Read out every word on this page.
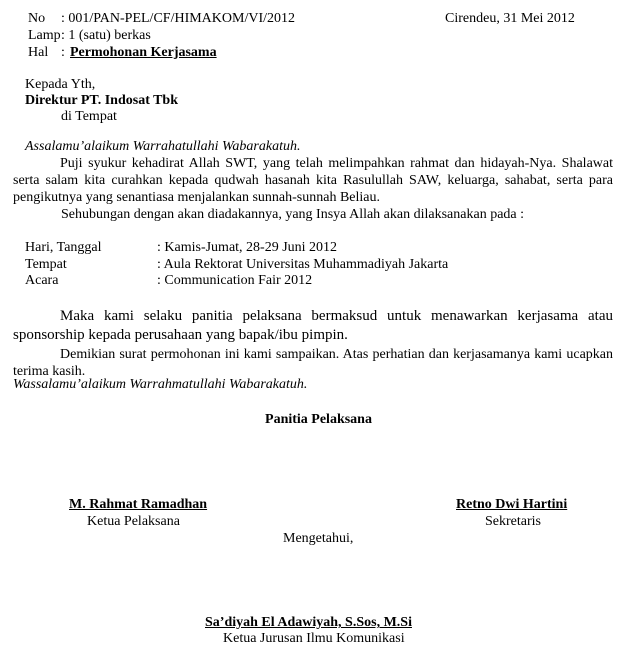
No : 001/PAN-PEL/CF/HIMAKOM/VI/2012	Cirendeu, 31 Mei 2012
Lamp : 1 (satu) berkas
Hal : Permohonan Kerjasama
Kepada Yth,
Direktur PT. Indosat Tbk
di Tempat
Assalamu’alaikum Warrahatullahi Wabarakatuh.

Puji syukur kehadirat Allah SWT, yang telah melimpahkan rahmat dan hidayah-Nya. Shalawat serta salam kita curahkan kepada qudwah hasanah kita Rasulullah SAW, keluarga, sahabat, serta para pengikutnya yang senantiasa menjalankan sunnah-sunnah Beliau.

Sehubungan dengan akan diadakannya, yang Insya Allah akan dilaksanakan pada :
Hari, Tanggal	: Kamis-Jumat, 28-29 Juni 2012
Tempat	: Aula Rektorat Universitas Muhammadiyah Jakarta
Acara	: Communication Fair 2012

Maka kami selaku panitia pelaksana bermaksud untuk menawarkan kerjasama atau sponsorship kepada perusahaan yang bapak/ibu pimpin.

Demikian surat permohonan ini kami sampaikan. Atas perhatian dan kerjasamanya kami ucapkan terima kasih.

Wassalamu’alaikum Warrahmatullahi Wabarakatuh.
Panitia Pelaksana
M. Rahmat Ramadhan
Ketua Pelaksana
Retno Dwi Hartini
Sekretaris
Mengetahui,
Sa’diyah El Adawiyah, S.Sos, M.Si
Ketua Jurusan Ilmu Komunikasi
